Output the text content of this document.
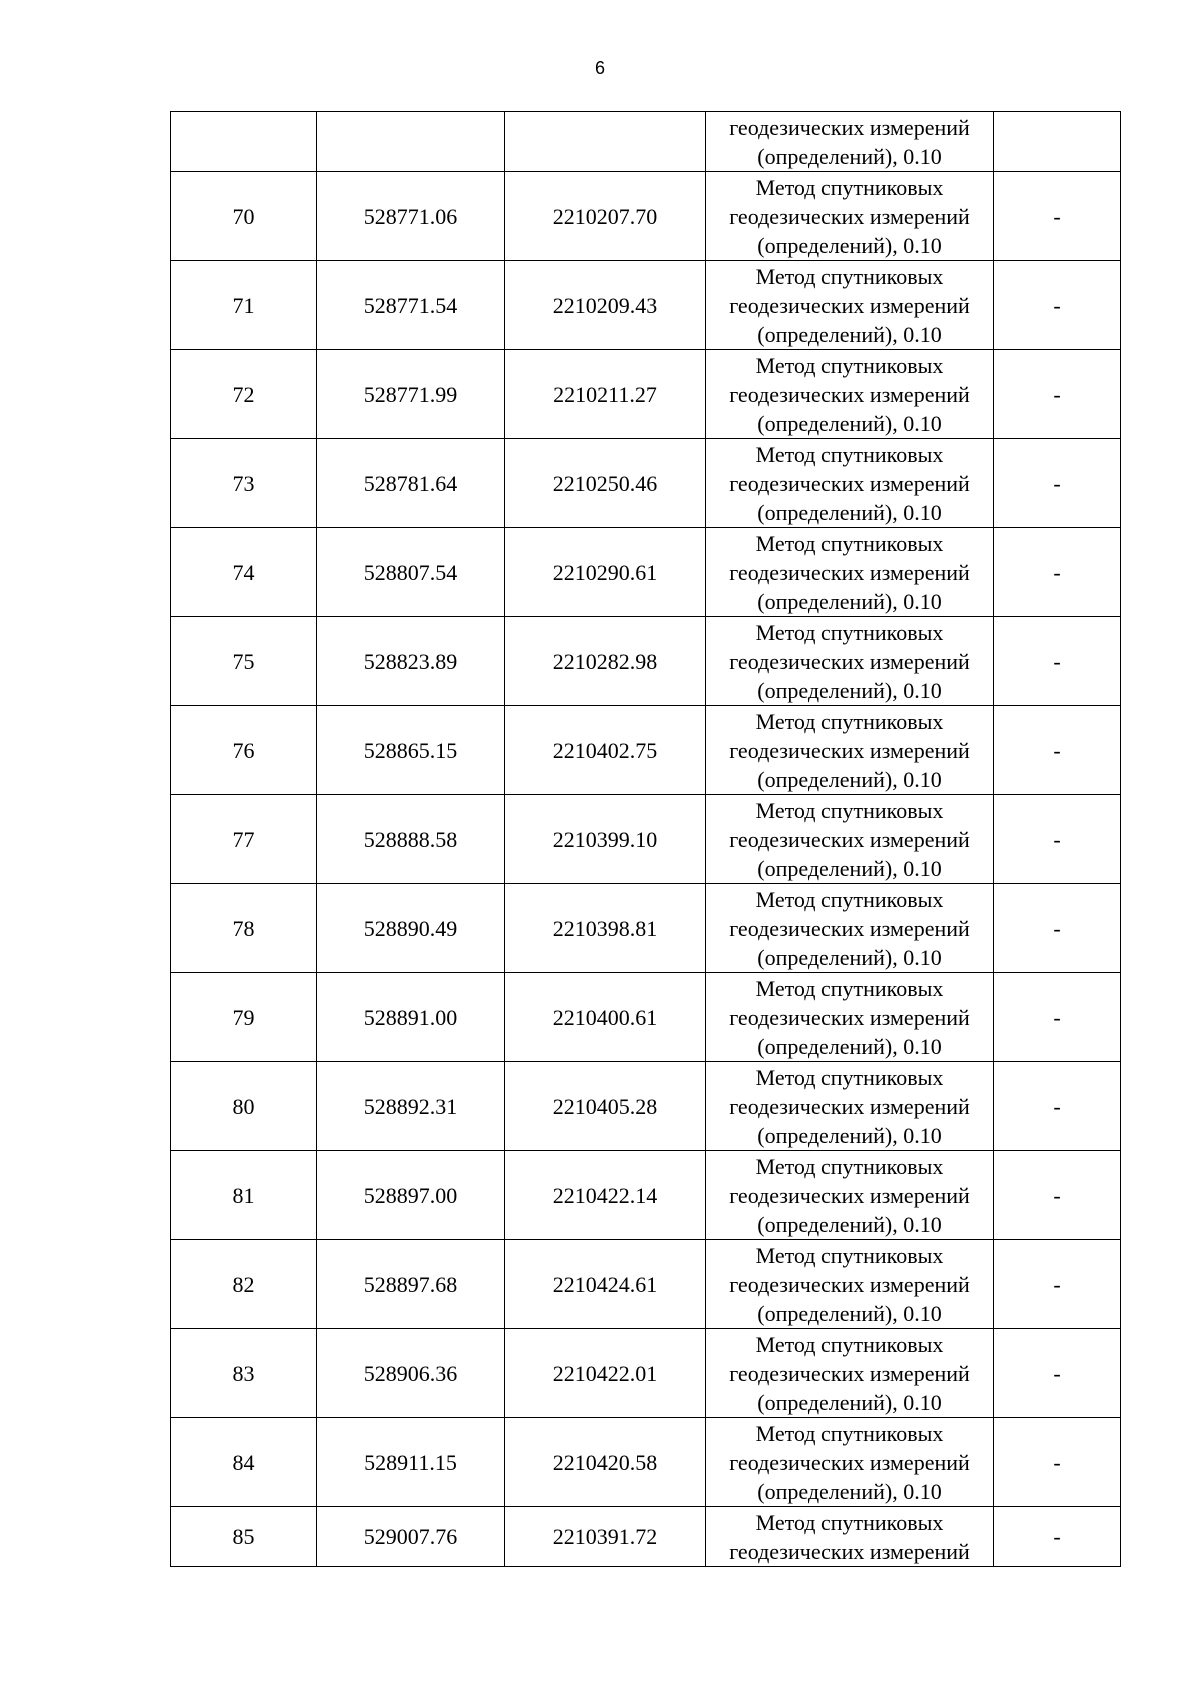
6

			геодезических измерений
(определений), 0.10	

70	528771.06	2210207.70	Метод спутниковых
геодезических измерений
(определений), 0.10	-
71	528771.54	2210209.43	Метод спутниковых
геодезических измерений
(определений), 0.10	-
72	528771.99	2210211.27	Метод спутниковых
геодезических измерений
(определений), 0.10	-
73	528781.64	2210250.46	Метод спутниковых
геодезических измерений
(определений), 0.10	-
74	528807.54	2210290.61	Метод спутниковых
геодезических измерений
(определений), 0.10	-
75	528823.89	2210282.98	Метод спутниковых
геодезических измерений
(определений), 0.10	-
76	528865.15	2210402.75	Метод спутниковых
геодезических измерений
(определений), 0.10	-
77	528888.58	2210399.10	Метод спутниковых
геодезических измерений
(определений), 0.10	-
78	528890.49	2210398.81	Метод спутниковых
геодезических измерений
(определений), 0.10	-
79	528891.00	2210400.61	Метод спутниковых
геодезических измерений
(определений), 0.10	-
80	528892.31	2210405.28	Метод спутниковых
геодезических измерений
(определений), 0.10	-
81	528897.00	2210422.14	Метод спутниковых
геодезических измерений
(определений), 0.10	-
82	528897.68	2210424.61	Метод спутниковых
геодезических измерений
(определений), 0.10	-
83	528906.36	2210422.01	Метод спутниковых
геодезических измерений
(определений), 0.10	-
84	528911.15	2210420.58	Метод спутниковых
геодезических измерений
(определений), 0.10	-
85	529007.76	2210391.72	Метод спутниковых
геодезических измерений	-
